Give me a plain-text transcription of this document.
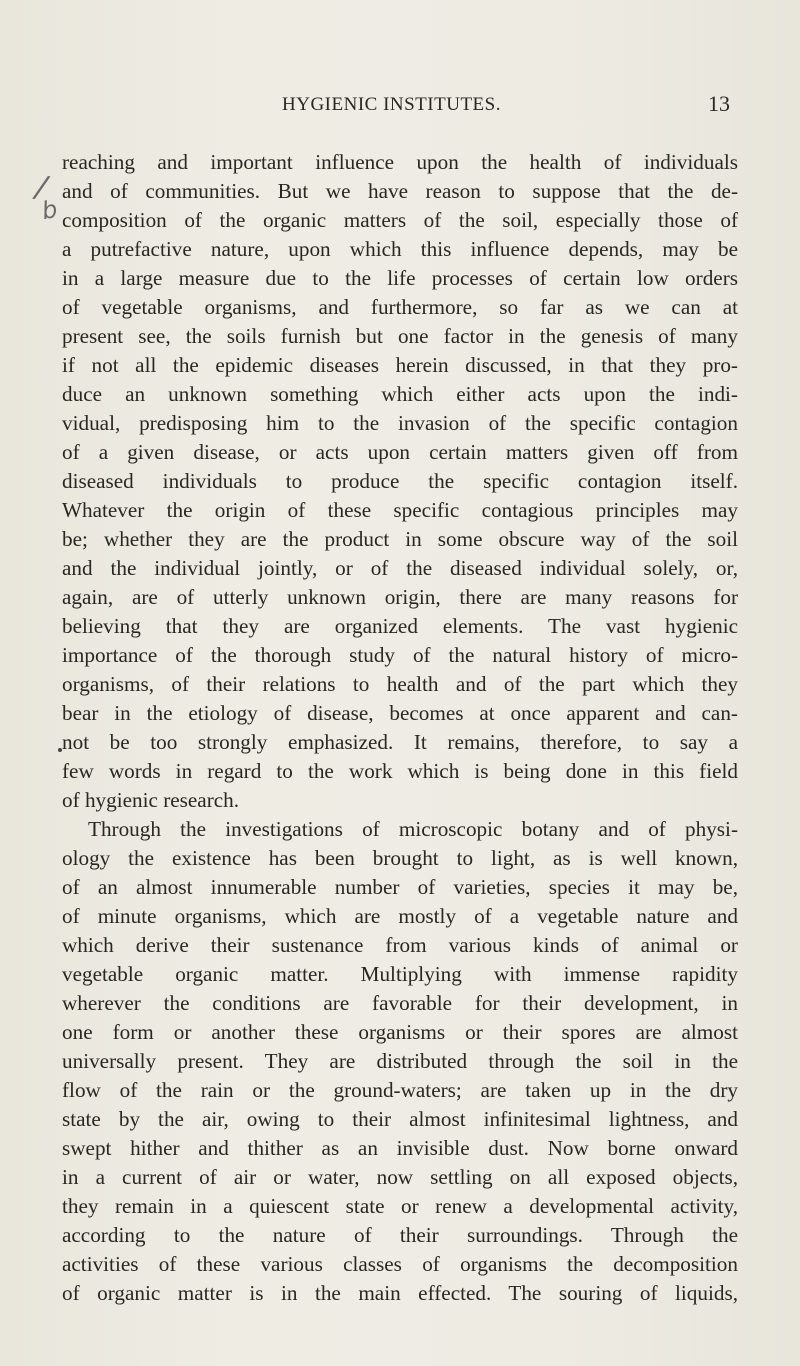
HYGIENIC INSTITUTES.	13
/
b
reaching and important influence upon the health of individuals
and of communities. But we have reason to suppose that the de-
composition of the organic matters of the soil, especially those of
a putrefactive nature, upon which this influence depends, may be
in a large measure due to the life processes of certain low orders
of vegetable organisms, and furthermore, so far as we can at
present see, the soils furnish but one factor in the genesis of many
if not all the epidemic diseases herein discussed, in that they pro-
duce an unknown something which either acts upon the indi-
vidual, predisposing him to the invasion of the specific contagion
of a given disease, or acts upon certain matters given off from
diseased individuals to produce the specific contagion itself.
Whatever the origin of these specific contagious principles may
be; whether they are the product in some obscure way of the soil
and the individual jointly, or of the diseased individual solely, or,
again, are of utterly unknown origin, there are many reasons for
believing that they are organized elements. The vast hygienic
importance of the thorough study of the natural history of micro-
organisms, of their relations to health and of the part which they
bear in the etiology of disease, becomes at once apparent and can-
not be too strongly emphasized. It remains, therefore, to say a
few words in regard to the work which is being done in this field
of hygienic research.
Through the investigations of microscopic botany and of physi-
ology the existence has been brought to light, as is well known,
of an almost innumerable number of varieties, species it may be,
of minute organisms, which are mostly of a vegetable nature and
which derive their sustenance from various kinds of animal or
vegetable organic matter. Multiplying with immense rapidity
wherever the conditions are favorable for their development, in
one form or another these organisms or their spores are almost
universally present. They are distributed through the soil in the
flow of the rain or the ground-waters; are taken up in the dry
state by the air, owing to their almost infinitesimal lightness, and
swept hither and thither as an invisible dust. Now borne onward
in a current of air or water, now settling on all exposed objects,
they remain in a quiescent state or renew a developmental activity,
according to the nature of their surroundings. Through the
activities of these various classes of organisms the decomposition
of organic matter is in the main effected. The souring of liquids,
